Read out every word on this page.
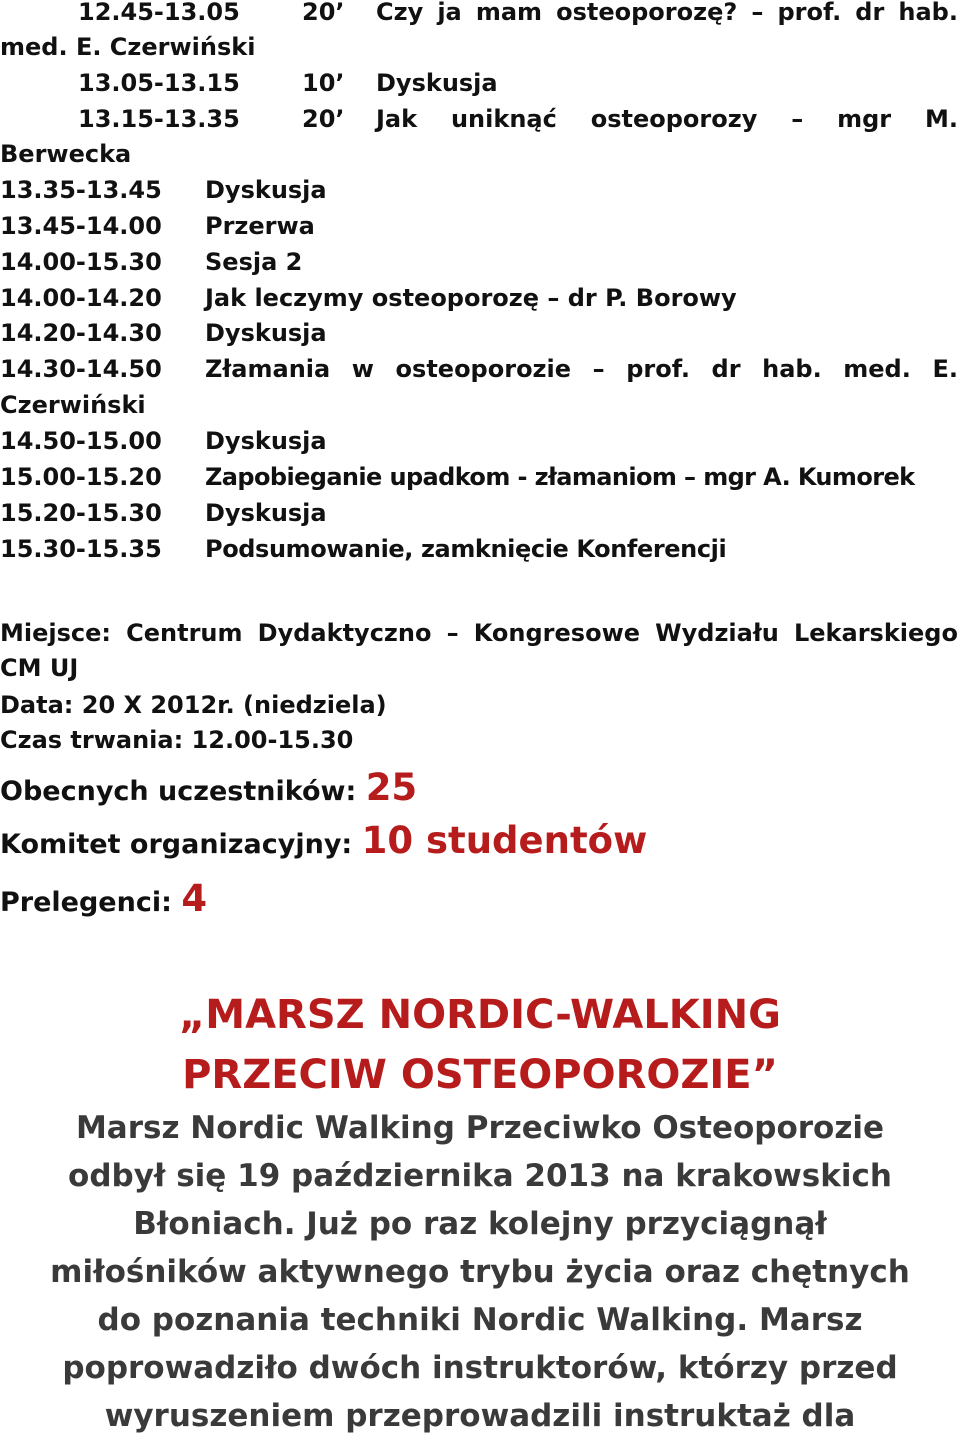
12.45-13.05	20’ Czy ja mam osteoporozę? – prof. dr hab.
med. E. Czerwiński
13.05-13.15	10’ Dyskusja
13.15-13.35	20’ Jak uniknąć osteoporozy – mgr M.
Berwecka
13.35-13.45 Dyskusja
13.45-14.00 Przerwa
14.00-15.30 Sesja 2
14.00-14.20 Jak leczymy osteoporozę – dr P. Borowy
14.20-14.30 Dyskusja
14.30-14.50 Złamania w osteoporozie – prof. dr hab. med. E.
Czerwiński
14.50-15.00 Dyskusja
15.00-15.20 Zapobieganie upadkom - złamaniom – mgr A. Kumorek
15.20-15.30 Dyskusja
15.30-15.35 Podsumowanie, zamknięcie Konferencji
Miejsce: Centrum Dydaktyczno – Kongresowe Wydziału Lekarskiego
CM UJ
Data: 20 X 2012r. (niedziela)
Czas trwania: 12.00-15.30
Obecnych uczestników: 25
Komitet organizacyjny: 10 studentów
Prelegenci: 4
„MARSZ NORDIC-WALKING
PRZECIW OSTEOPOROZIE”
Marsz Nordic Walking Przeciwko Osteoporozie
odbył się 19 października 2013 na krakowskich
Błoniach. Już po raz kolejny przyciągnął
miłośników aktywnego trybu życia oraz chętnych
do poznania techniki Nordic Walking. Marsz
poprowadziło dwóch instruktorów, którzy przed
wyruszeniem przeprowadzili instruktaż dla
